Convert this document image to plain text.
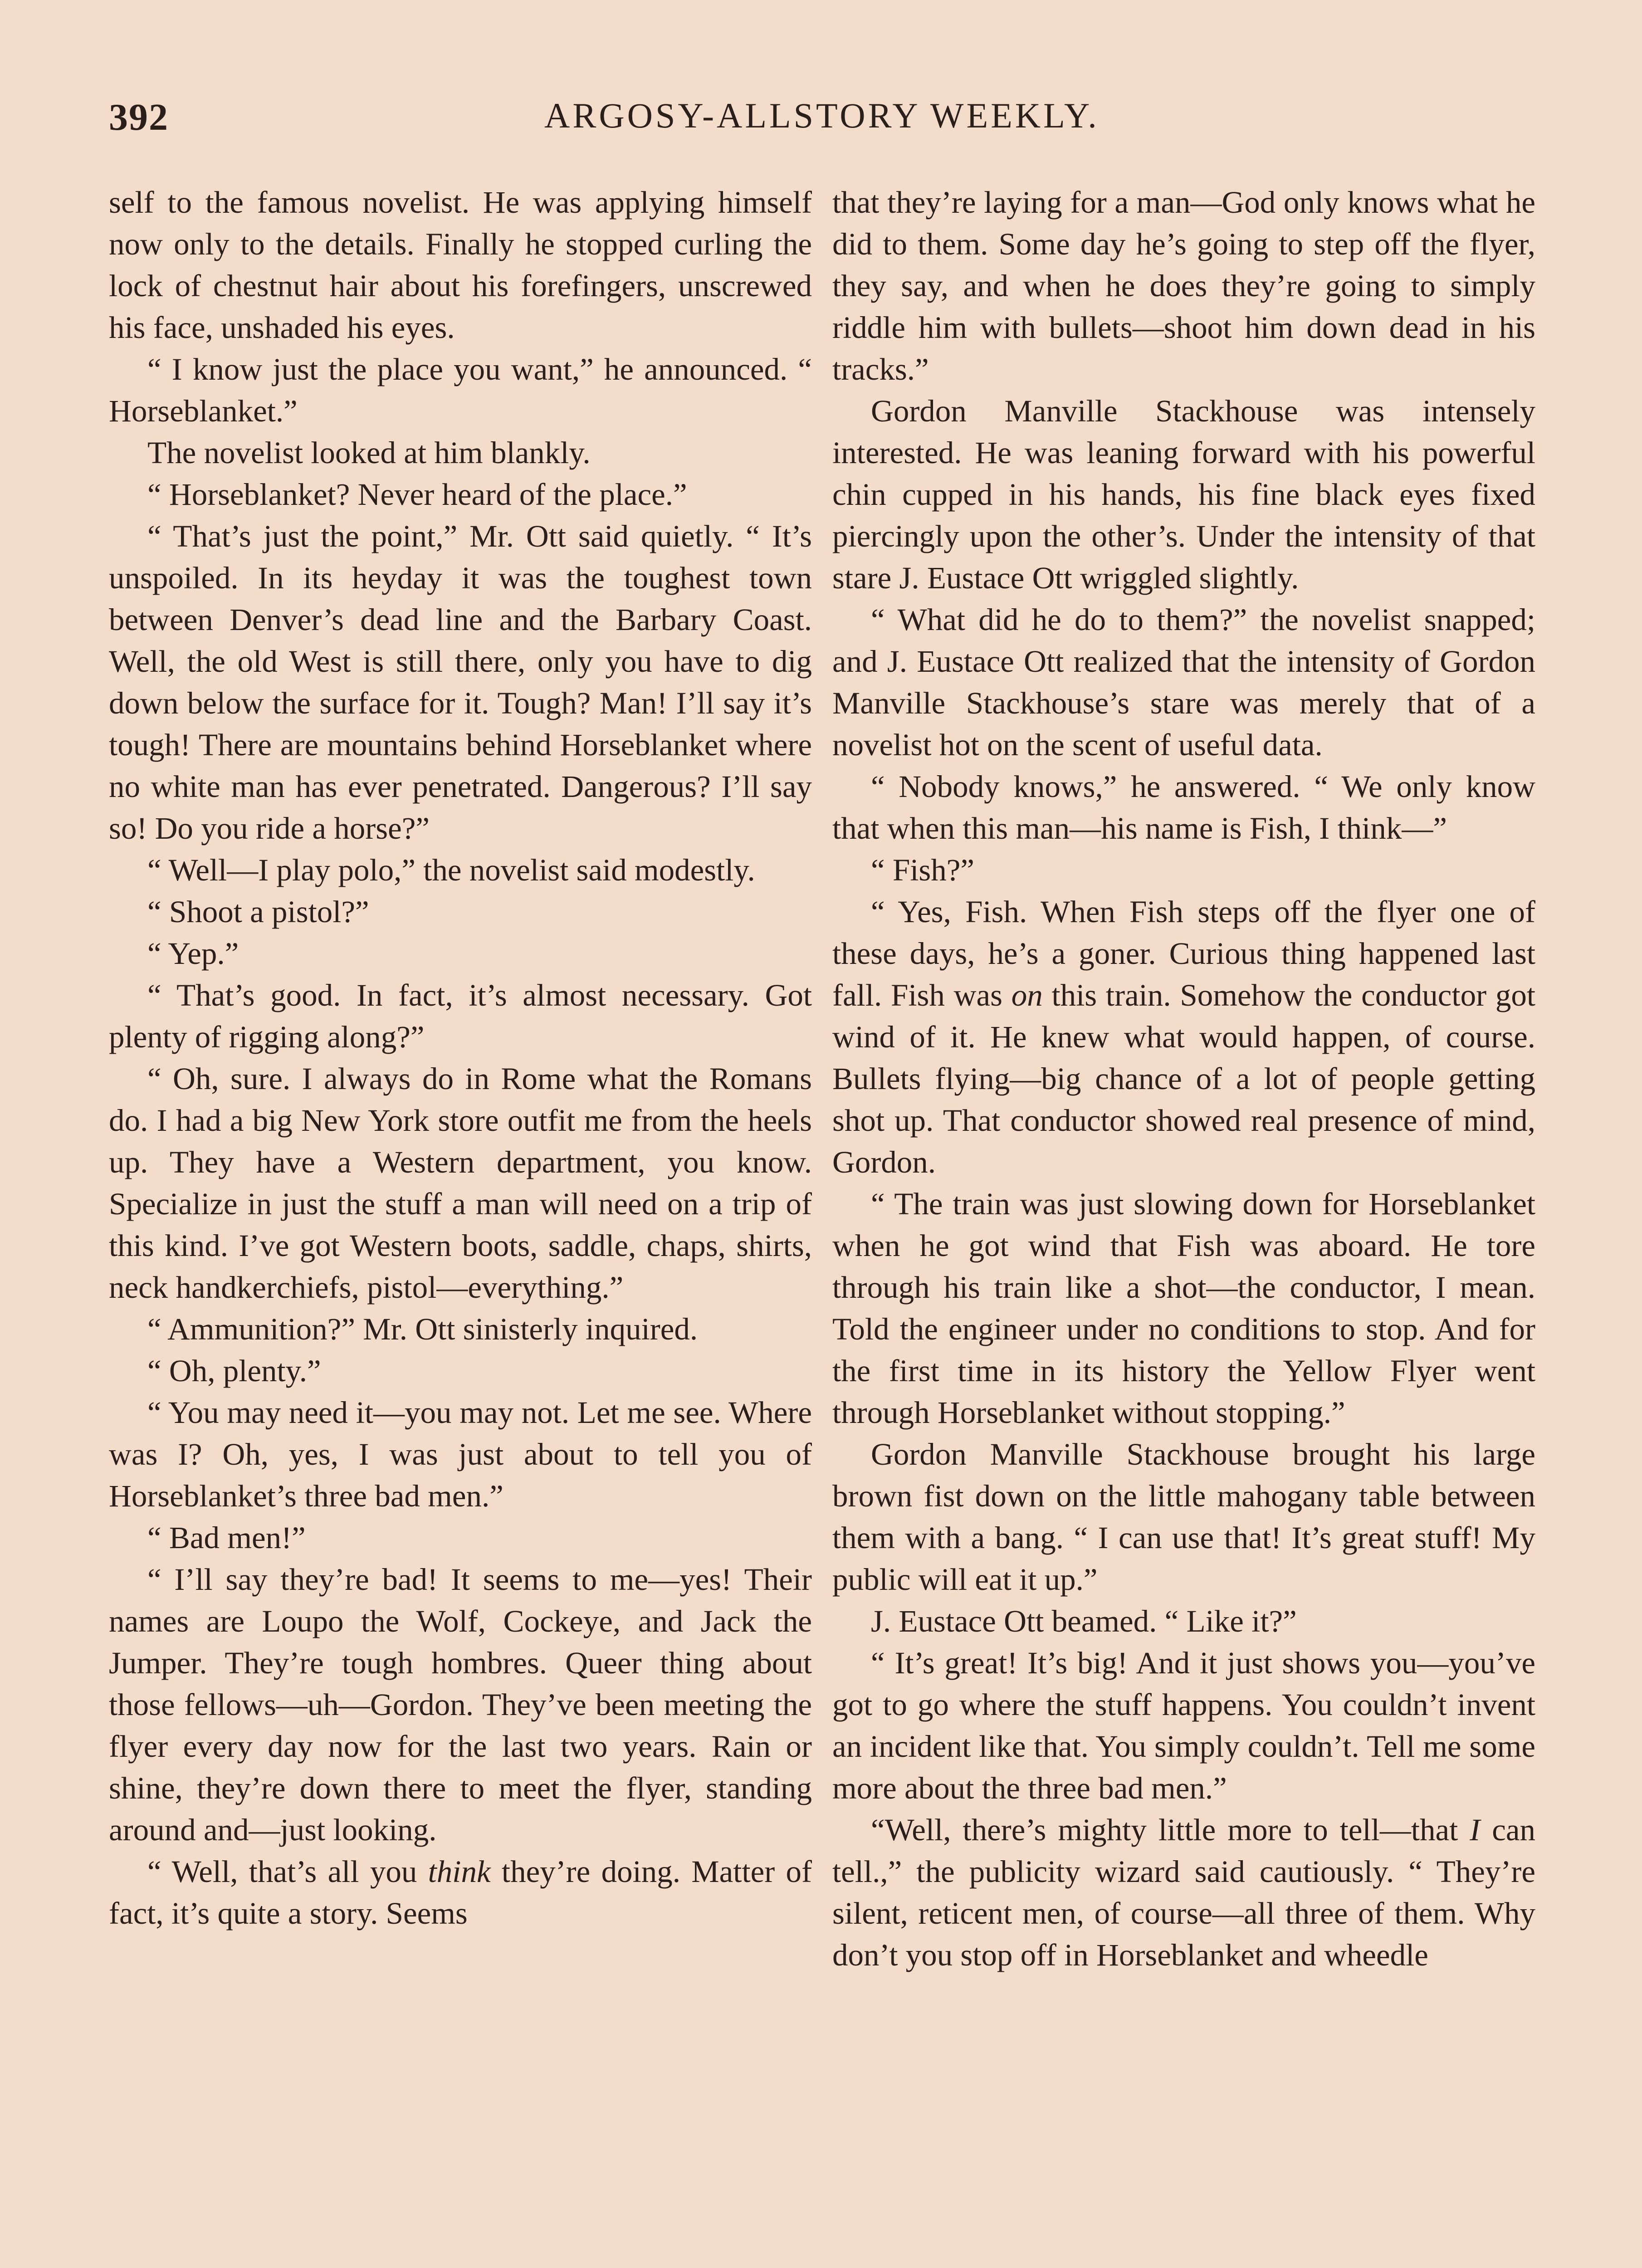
392	ARGOSY-ALLSTORY WEEKLY.

self to the famous novelist. He was applying himself now only to the details. Finally he stopped curling the lock of chestnut hair about his forefingers, unscrewed his face, unshaded his eyes.

“ I know just the place you want,” he announced. “ Horseblanket.”

The novelist looked at him blankly.

“ Horseblanket? Never heard of the place.”

“ That’s just the point,” Mr. Ott said quietly. “ It’s unspoiled. In its heyday it was the toughest town between Denver’s dead line and the Barbary Coast. Well, the old West is still there, only you have to dig down below the surface for it. Tough? Man! I’ll say it’s tough! There are mountains behind Horseblanket where no white man has ever penetrated. Dangerous? I’ll say so! Do you ride a horse?”

“ Well—I play polo,” the novelist said modestly.

“ Shoot a pistol?”

“ Yep.”

“ That’s good. In fact, it’s almost necessary. Got plenty of rigging along?”

“ Oh, sure. I always do in Rome what the Romans do. I had a big New York store outfit me from the heels up. They have a Western department, you know. Specialize in just the stuff a man will need on a trip of this kind. I’ve got Western boots, saddle, chaps, shirts, neck handkerchiefs, pistol—everything.”

“ Ammunition?” Mr. Ott sinisterly inquired.

“ Oh, plenty.”

“ You may need it—you may not. Let me see. Where was I? Oh, yes, I was just about to tell you of Horseblanket’s three bad men.”

“ Bad men!”

“ I’ll say they’re bad! It seems to me—yes! Their names are Loupo the Wolf, Cockeye, and Jack the Jumper. They’re tough hombres. Queer thing about those fellows—uh—Gordon. They’ve been meeting the flyer every day now for the last two years. Rain or shine, they’re down there to meet the flyer, standing around and—just looking.

“ Well, that’s all you think they’re doing. Matter of fact, it’s quite a story. Seems

that they’re laying for a man—God only knows what he did to them. Some day he’s going to step off the flyer, they say, and when he does they’re going to simply riddle him with bullets—shoot him down dead in his tracks.”

Gordon Manville Stackhouse was intensely interested. He was leaning forward with his powerful chin cupped in his hands, his fine black eyes fixed piercingly upon the other’s. Under the intensity of that stare J. Eustace Ott wriggled slightly.

“ What did he do to them?” the novelist snapped; and J. Eustace Ott realized that the intensity of Gordon Manville Stackhouse’s stare was merely that of a novelist hot on the scent of useful data.

“ Nobody knows,” he answered. “ We only know that when this man—his name is Fish, I think—”

“ Fish?”

“ Yes, Fish. When Fish steps off the flyer one of these days, he’s a goner. Curious thing happened last fall. Fish was on this train. Somehow the conductor got wind of it. He knew what would happen, of course. Bullets flying—big chance of a lot of people getting shot up. That conductor showed real presence of mind, Gordon.

“ The train was just slowing down for Horseblanket when he got wind that Fish was aboard. He tore through his train like a shot—the conductor, I mean. Told the engineer under no conditions to stop. And for the first time in its history the Yellow Flyer went through Horseblanket without stopping.”

Gordon Manville Stackhouse brought his large brown fist down on the little mahogany table between them with a bang. “ I can use that! It’s great stuff! My public will eat it up.”

J. Eustace Ott beamed. “ Like it?”

“ It’s great! It’s big! And it just shows you—you’ve got to go where the stuff happens. You couldn’t invent an incident like that. You simply couldn’t. Tell me some more about the three bad men.”

“Well, there’s mighty little more to tell—that I can tell.,” the publicity wizard said cautiously. “ They’re silent, reticent men, of course—all three of them. Why don’t you stop off in Horseblanket and wheedle
